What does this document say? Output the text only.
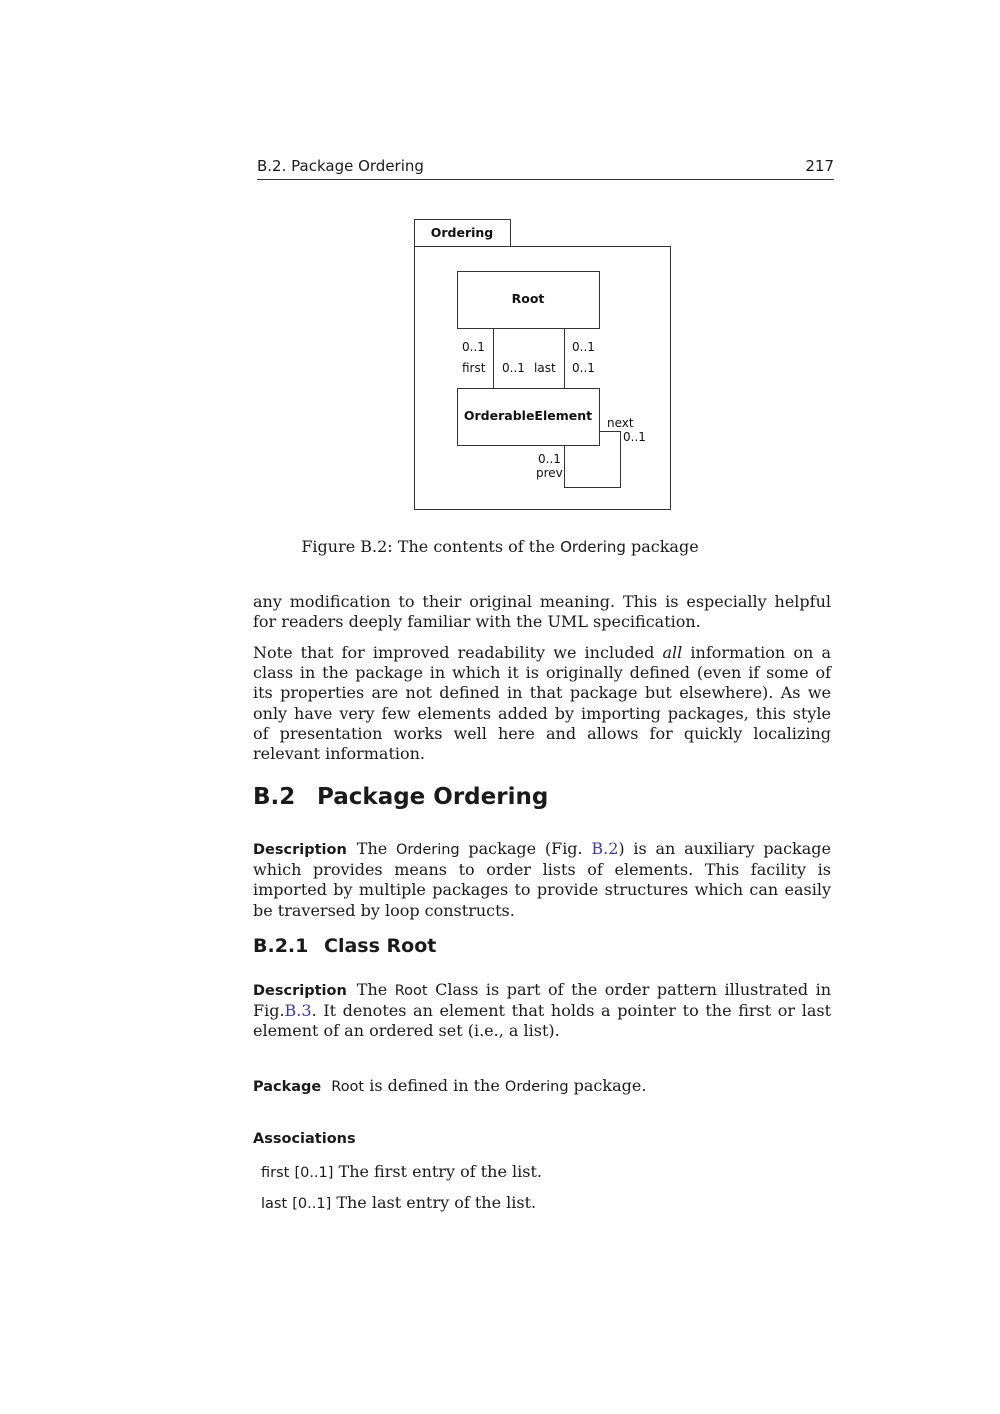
B.2. Package Ordering	217
Ordering
Root
OrderableElement
0..1
first 0..1 last
0..1
0..1
next
0..1
0..1
prev
Figure B.2: The contents of the Ordering package

any modification to their original meaning. This is especially helpful for readers deeply familiar with the UML specification.

Note that for improved readability we included all information on a class in the package in which it is originally defined (even if some of its properties are not defined in that package but elsewhere). As we only have very few elements added by importing packages, this style of presentation works well here and allows for quickly localizing relevant information.

B.2 Package Ordering

Description The Ordering package (Fig. B.2) is an auxiliary package which provides means to order lists of elements. This facility is imported by multiple packages to provide structures which can easily be traversed by loop constructs.

B.2.1 Class Root

Description The Root Class is part of the order pattern illustrated in Fig.B.3. It denotes an element that holds a pointer to the first or last element of an ordered set (i.e., a list).

Package Root is defined in the Ordering package.

Associations
first [0..1] The first entry of the list.
last [0..1] The last entry of the list.
